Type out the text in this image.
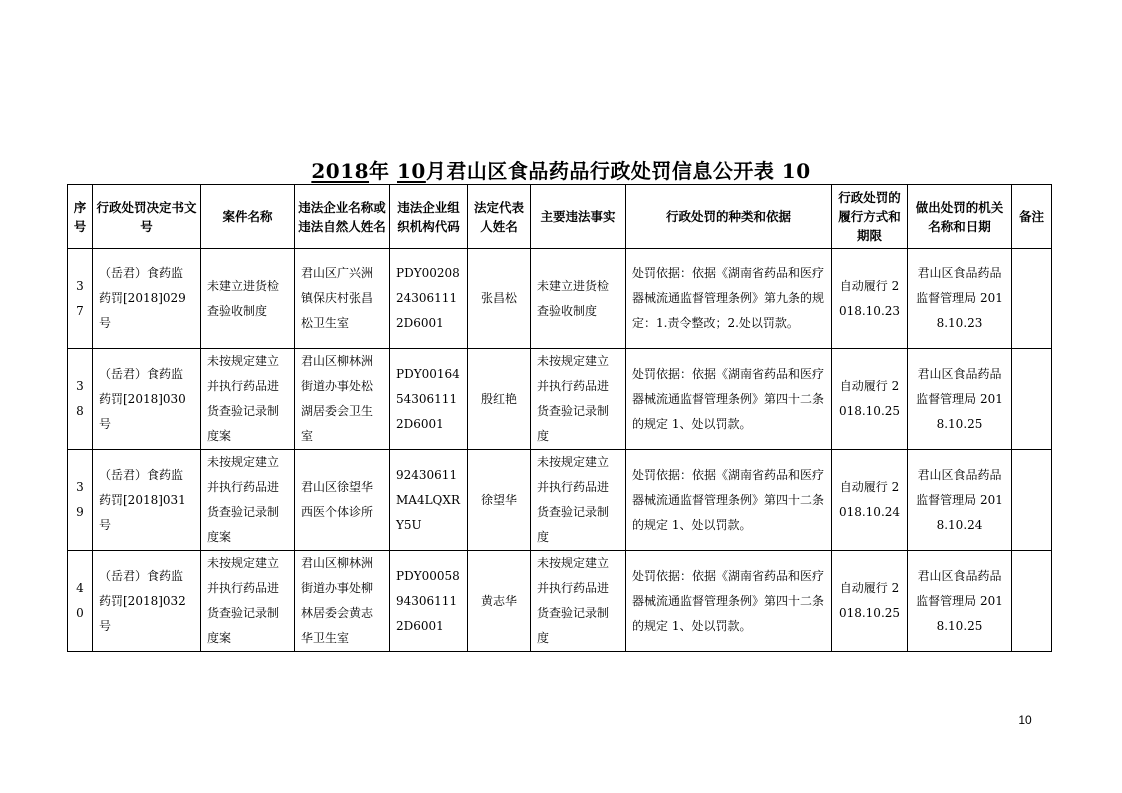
2018年 10月君山区食品药品行政处罚信息公开表 10
序号	行政处罚决定书文号	案件名称	违法企业名称或违法自然人姓名	违法企业组织机构代码	法定代表人姓名	主要违法事实	行政处罚的种类和依据	行政处罚的履行方式和期限	做出处罚的机关名称和日期	备注
37	（岳君）食药监药罚[2018]029号	未建立进货检查验收制度	君山区广兴洲镇保庆村张昌松卫生室	PDY00208243061112D6001	张昌松	未建立进货检查验收制度	处罚依据：依据《湖南省药品和医疗器械流通监督管理条例》第九条的规定：1.责令整改；2.处以罚款。	自动履行 2018.10.23	君山区食品药品监督管理局 2018.10.23	
38	（岳君）食药监药罚[2018]030号	未按规定建立并执行药品进货查验记录制度案	君山区柳林洲街道办事处松湖居委会卫生室	PDY00164543061112D6001	殷红艳	未按规定建立并执行药品进货查验记录制度	处罚依据：依据《湖南省药品和医疗器械流通监督管理条例》第四十二条的规定 1、处以罚款。	自动履行 2018.10.25	君山区食品药品监督管理局 2018.10.25	
39	（岳君）食药监药罚[2018]031号	未按规定建立并执行药品进货查验记录制度案	君山区徐望华西医个体诊所	92430611MA4LQXRY5U	徐望华	未按规定建立并执行药品进货查验记录制度	处罚依据：依据《湖南省药品和医疗器械流通监督管理条例》第四十二条的规定 1、处以罚款。	自动履行 2018.10.24	君山区食品药品监督管理局 2018.10.24	
40	（岳君）食药监药罚[2018]032号	未按规定建立并执行药品进货查验记录制度案	君山区柳林洲街道办事处柳林居委会黄志华卫生室	PDY00058943061112D6001	黄志华	未按规定建立并执行药品进货查验记录制度	处罚依据：依据《湖南省药品和医疗器械流通监督管理条例》第四十二条的规定 1、处以罚款。	自动履行 2018.10.25	君山区食品药品监督管理局 2018.10.25	
10
